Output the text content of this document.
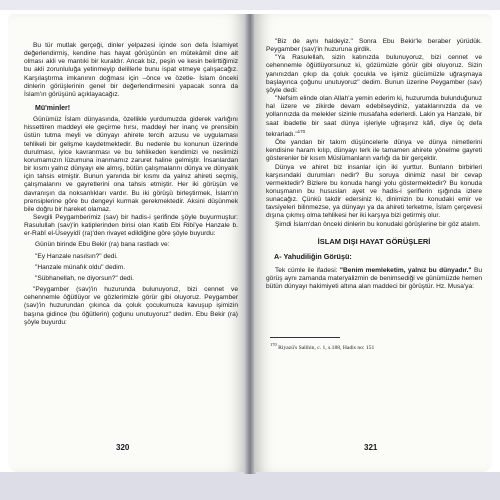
Bu tür mutlak gerçeği, dinler yelpazesi içinde son defa İslamiyet değerlendirmiş, kendine has hayat görüşünün en mütekâmil dine ait olması akli ve mantıki bir kuraldır. Ancak biz, peşin ve kesin belirttiğimiz bu akli zorunluluğa yetinmeyip delillerle bunu ispat etmeye çalışacağız. Karşılaştırma imkanının doğması için –önce ve özetle- İslam önceki dinlerin görüşlerinin genel bir değerlendirmesini yapacak sonra da İslam'ın görüşünü açıklayacağız.

Mü'minler!

Günümüz İslam dünyasında, özellikle yurdumuzda giderek varlığını hissettiren maddeyi ele geçirme hırsı, maddeyi her inanç ve prensibin üstün tutma meyli ve dünyayı ahirete tercih arzusu ve uygulaması tehlikeli bir gelişme kaydetmektedir. Bu nedenle bu konunun üzerinde durulması, iyice kavranması ve bu tehlikeden kendimizi ve neslimizi korumamızın lüzumuna inanmamız zaruret haline gelmiştir. İnsanlardan bir kısmı yalnız dünyayı ele almış, bütün çalışmalarını dünya ve dünyalık için tahsis etmiştir. Bunun yanında bir kısmı da yalnız ahireti seçmiş, çalışmalarını ve gayretlerini ona tahsis etmiştir. Her iki görüşün ve davranışın da noksanlıkları vardır. Bu iki görüşü birleştirmek, İslam'ın prensiplerine göre bu dengeyi kurmak gerekmektedir. Aksini düşünmek bile doğru bir hareket olamaz.

Sevgili Peygamberimiz (sav) bir hadis-i şerifinde şöyle buyurmuştur: Rasulullah (sav)'in katiplerinden birisi olan Katib Ebi Ribi'ye Hanzale b. er-Rabî el-Üseyyidî (ra)'den rivayet edildiğine göre şöyle buyurdu:

Günün birinde Ebu Bekir (ra) bana rastladı ve:

"Ey Hanzale nasılsın?" dedi.

"Hanzale münafık oldu" dedim.

"Sübhanellah, ne diyorsun?" dedi.

"Peygamber (sav)'in huzurunda bulunuyoruz, bizi cennet ve cehennemle öğütlüyor ve gözlerimizle görür gibi oluyoruz. Peygamber (sav)'in huzurundan çıkınca da çoluk çocukumuza kavuşup işimizin başına gidince (bu öğütlerin) çoğunu unutuyoruz" dedim. Ebu Bekir (ra) şöyle buyurdu:

320

"Biz de aynı haldeyiz." Sonra Ebu Bekir'le beraber yürüdük. Peygamber (sav)'in huzuruna girdik.

"Ya Rasulellah, sizin katınızda bulunuyoruz, bizi cennet ve cehennemle öğütlüyorsunuz ki, gözümüzle görür gibi oluyoruz. Sizin yanınızdan çıkıp da çoluk çocukla ve işimiz gücümüzle uğraşmaya başlayınca çoğunu unutuyoruz" dedim. Bunun üzerine Peygamber (sav) şöyle dedi:

"Nefsim elinde olan Allah'a yemin ederim ki, huzurumda bulunduğunuz hal üzere ve zikirde devam edebilseydiniz, yataklarınızda da ve yollarınızda da melekler sizinle musafaha ederlerdi. Lakin ya Hanzale, bir saat ibadetle bir saat dünya işleriyle uğraşınız kâfi, diye üç defa tekrarladı."$^{170}$

Öte yandan bir takım düşüncelerle dünya ve dünya nimetlerini kendisine haram kılıp, dünyayı terk ile tamamen ahirete yönelme gayreti gösterenler bir kısım Müslümanların varlığı da bir gerçektir.

Dünya ve ahiret biz insanlar için iki yurttur. Bunların birbirleri karşısındaki durumları nedir? Bu soruya dinimiz nasıl bir cevap vermektedir? Bizlere bu konuda hangi yolu göstermektedir? Bu konuda konuşmanın bu hususları ayet ve hadis-i şeriflerin ışığında izlere sunacağız. Çünkü takdir edersiniz ki, dinimizin bu konudaki emir ve tavsiyeleri bilinmezse, ya dünyayı ya da ahireti terketme, İslam çerçevesi dışına çıkmış olma tehlikesi her iki karşıya bizi getirmiş olur.

Şimdi İslam'dan önceki dinlerin bu konudaki görüşlerine bir göz atalım.

İSLAM DIŞI HAYAT GÖRÜŞLERİ
A- Yahudiliğin Görüşü:

Tek cümle ile ifadesi: "Benim memleketim, yalnız bu dünyadır." Bu görüş aynı zamanda materyalizmin de benimsediği ve günümüzde hemen bütün dünyayı hakimiyeti altına alan maddeci bir görüştür. Hz. Musa'ya:

$^{170}$ Riyazü's Salihin, c. 1, s.188, Hadis no: 151
321
